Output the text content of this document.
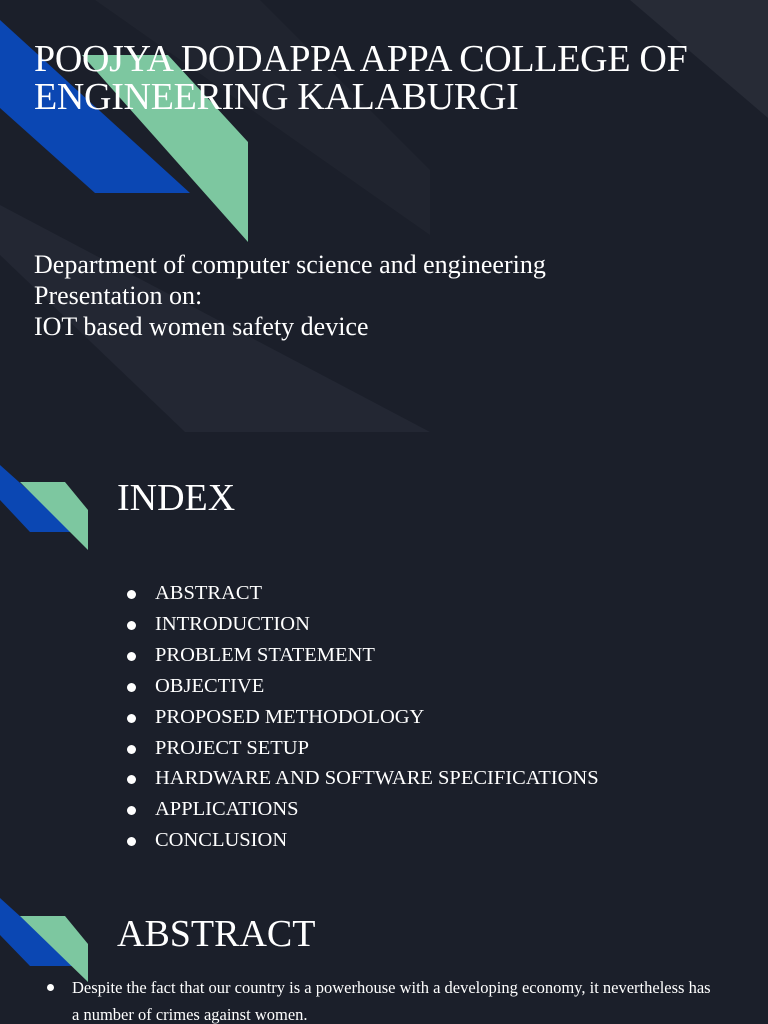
POOJYA DODAPPA APPA COLLEGE OF
ENGINEERING KALABURGI
Department of computer science and engineering
Presentation on:
IOT based women safety device
INDEX
ABSTRACT
INTRODUCTION
PROBLEM STATEMENT
OBJECTIVE
PROPOSED METHODOLOGY
PROJECT SETUP
HARDWARE AND SOFTWARE SPECIFICATIONS
APPLICATIONS
CONCLUSION
ABSTRACT
Despite the fact that our country is a powerhouse with a developing economy, it nevertheless has a number of crimes against women.
